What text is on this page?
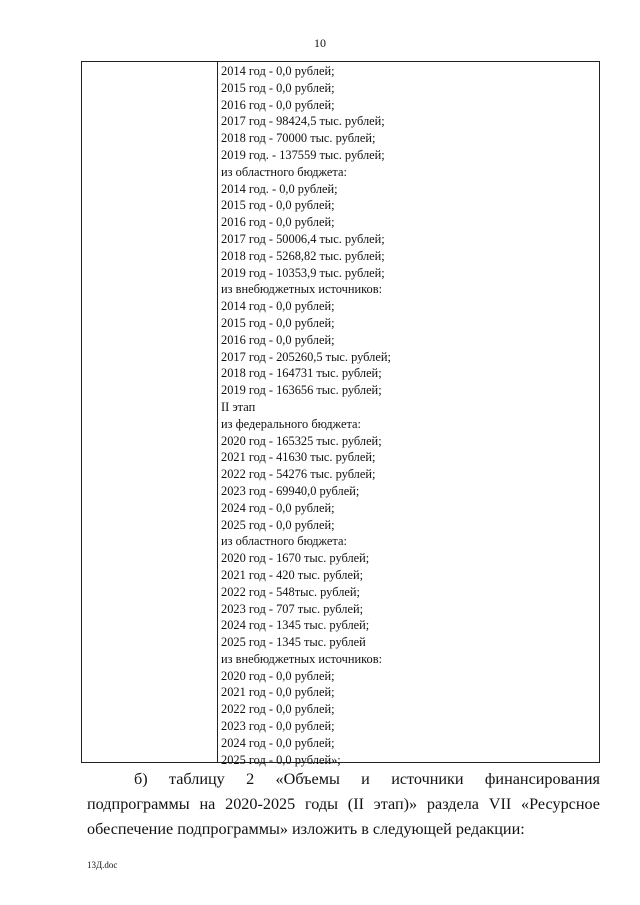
10
2014 год - 0,0 рублей;
2015 год - 0,0 рублей;
2016 год - 0,0 рублей;
2017 год - 98424,5 тыс. рублей;
2018 год - 70000 тыс. рублей;
2019 год. - 137559 тыс. рублей;
из областного бюджета:
2014 год. - 0,0 рублей;
2015 год - 0,0 рублей;
2016 год - 0,0 рублей;
2017 год - 50006,4 тыс. рублей;
2018 год - 5268,82 тыс. рублей;
2019 год - 10353,9 тыс. рублей;
из внебюджетных источников:
2014 год - 0,0 рублей;
2015 год - 0,0 рублей;
2016 год - 0,0 рублей;
2017 год - 205260,5 тыс. рублей;
2018 год - 164731 тыс. рублей;
2019 год - 163656 тыс. рублей;
II этап
из федерального бюджета:
2020 год - 165325 тыс. рублей;
2021 год - 41630 тыс. рублей;
2022 год - 54276 тыс. рублей;
2023 год - 69940,0 рублей;
2024 год - 0,0 рублей;
2025 год - 0,0 рублей;
из областного бюджета:
2020 год - 1670 тыс. рублей;
2021 год - 420 тыс. рублей;
2022 год - 548тыс. рублей;
2023 год - 707 тыс. рублей;
2024 год - 1345 тыс. рублей;
2025 год - 1345 тыс. рублей
из внебюджетных источников:
2020 год - 0,0 рублей;
2021 год - 0,0 рублей;
2022 год - 0,0 рублей;
2023 год - 0,0 рублей;
2024 год - 0,0 рублей;
2025 год - 0,0 рублей»;

б) таблицу 2 «Объемы и источники финансирования подпрограммы на 2020-2025 годы (II этап)» раздела VII «Ресурсное обеспечение подпрограммы» изложить в следующей редакции:

13Д.doc
